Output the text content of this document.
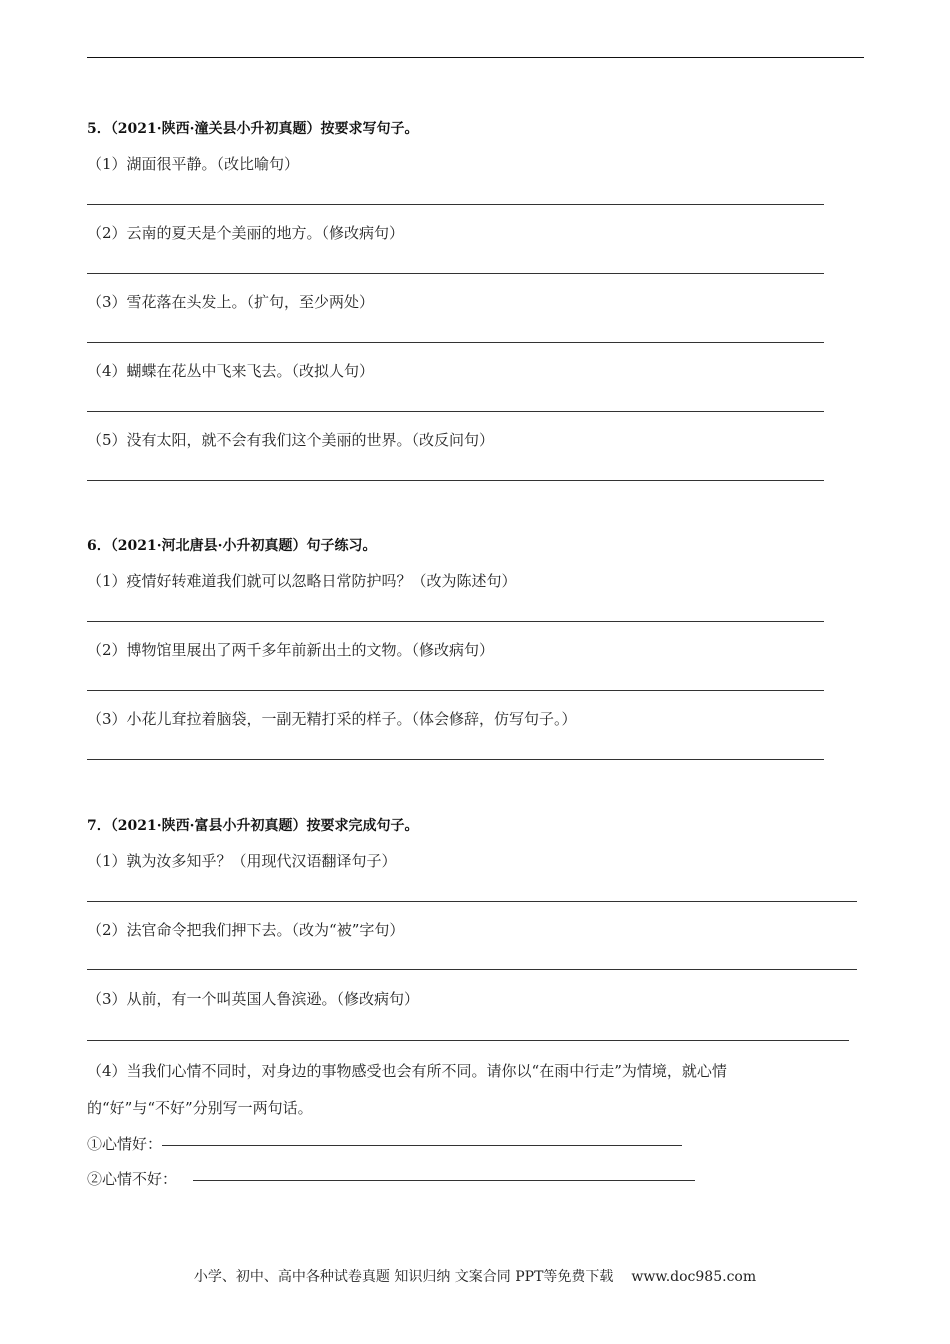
5．（2021·陕西·潼关县小升初真题）按要求写句子。
（1）湖面很平静。（改比喻句）
（2）云南的夏天是个美丽的地方。（修改病句）
（3）雪花落在头发上。（扩句，至少两处）
（4）蝴蝶在花丛中飞来飞去。（改拟人句）
（5）没有太阳，就不会有我们这个美丽的世界。（改反问句）
6．（2021·河北唐县·小升初真题）句子练习。
（1）疫情好转难道我们就可以忽略日常防护吗？（改为陈述句）
（2）博物馆里展出了两千多年前新出土的文物。（修改病句）
（3）小花儿耷拉着脑袋，一副无精打采的样子。（体会修辞，仿写句子。）
7．（2021·陕西·富县小升初真题）按要求完成句子。
（1）孰为汝多知乎？（用现代汉语翻译句子）
（2）法官命令把我们押下去。（改为“被”字句）
（3）从前，有一个叫英国人鲁滨逊。（修改病句）
（4）当我们心情不同时，对身边的事物感受也会有所不同。请你以“在雨中行走”为情境，就心情
的“好”与“不好”分别写一两句话。
①心情好：
②心情不好：
小学、初中、高中各种试卷真题 知识归纳 文案合同 PPT等免费下载 www.doc985.com
